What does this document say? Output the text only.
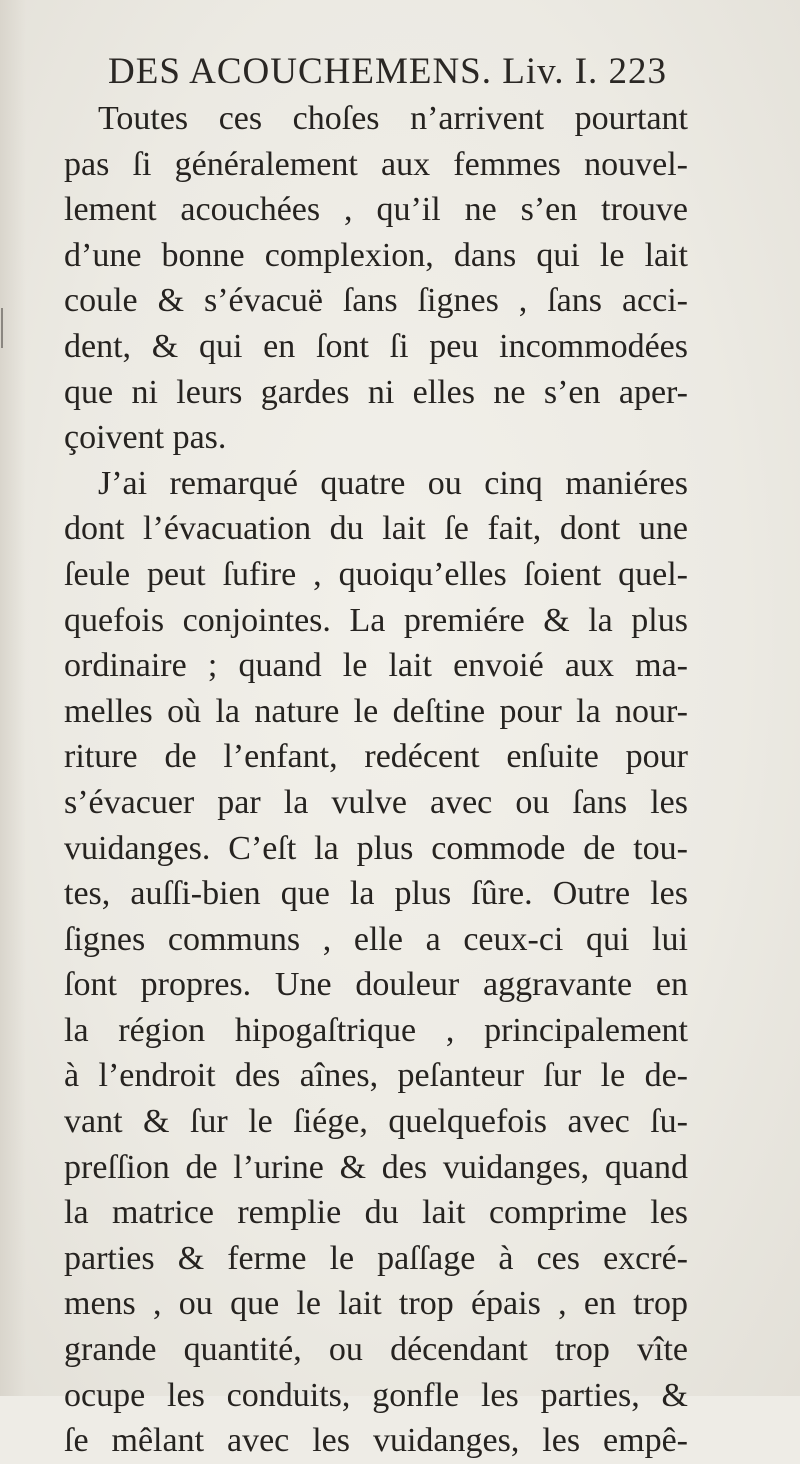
DES ACOUCHEMENS. Liv. I. 223
Toutes ces choſes n’arrivent pourtant
pas ſi généralement aux femmes nouvel-
lement acouchées , qu’il ne s’en trouve
d’une bonne complexion, dans qui le lait
coule & s’évacuë ſans ſignes , ſans acci-
dent, & qui en ſont ſi peu incommodées
que ni leurs gardes ni elles ne s’en aper-
çoivent pas.
J’ai remarqué quatre ou cinq maniéres
dont l’évacuation du lait ſe fait, dont une
ſeule peut ſufire , quoiqu’elles ſoient quel-
quefois conjointes. La premiére & la plus
ordinaire ; quand le lait envoié aux ma-
melles où la nature le deſtine pour la nour-
riture de l’enfant, redécent enſuite pour
s’évacuer par la vulve avec ou ſans les
vuidanges. C’eſt la plus commode de tou-
tes, auſſi-bien que la plus ſûre. Outre les
ſignes communs , elle a ceux-ci qui lui
ſont propres. Une douleur aggravante en
la région hipogaſtrique , principalement
à l’endroit des aînes, peſanteur ſur le de-
vant & ſur le ſiége, quelquefois avec ſu-
preſſion de l’urine & des vuidanges, quand
la matrice remplie du lait comprime les
parties & ferme le paſſage à ces excré-
mens , ou que le lait trop épais , en trop
grande quantité, ou décendant trop vîte
ocupe les conduits, gonfle les parties, &
ſe mêlant avec les vuidanges, les empê-
